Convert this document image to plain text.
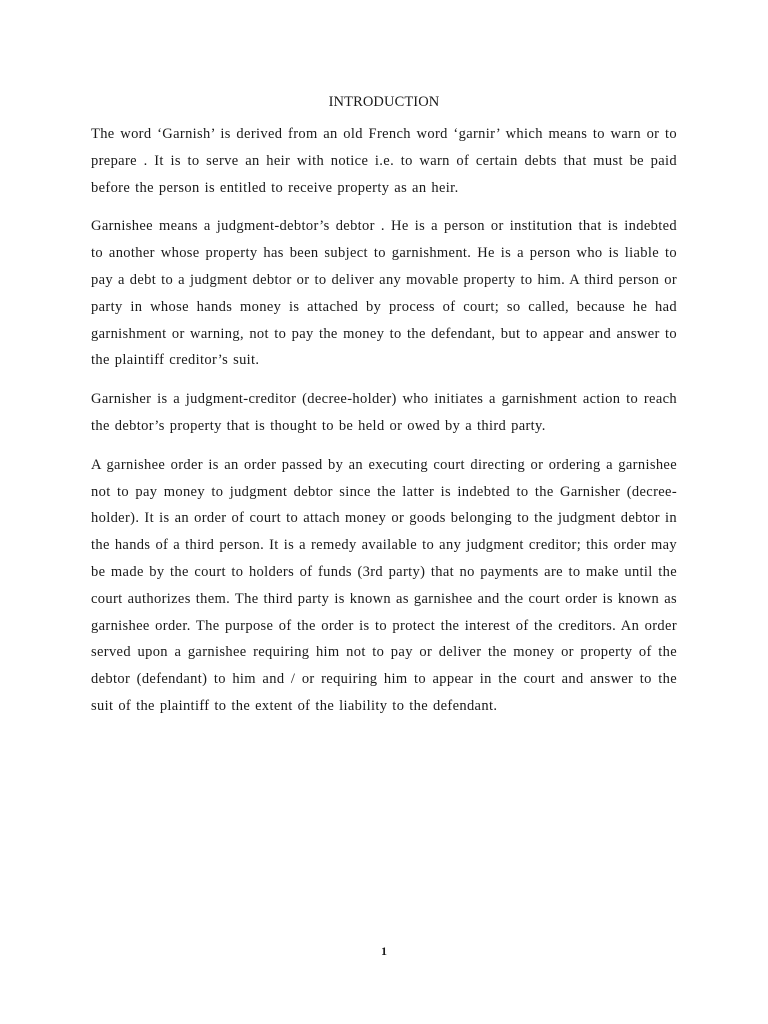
INTRODUCTION

The word ‘Garnish’ is derived from an old French word ‘garnir’ which means to warn or to prepare . It is to serve an heir with notice i.e. to warn of certain debts that must be paid before the person is entitled to receive property as an heir.

Garnishee means a judgment-debtor’s debtor . He is a person or institution that is indebted to another whose property has been subject to garnishment. He is a person who is liable to pay a debt to a judgment debtor or to deliver any movable property to him. A third person or party in whose hands money is attached by process of court; so called, because he had garnishment or warning, not to pay the money to the defendant, but to appear and answer to the plaintiff creditor’s suit.

Garnisher is a judgment-creditor (decree-holder) who initiates a garnishment action to reach the debtor’s property that is thought to be held or owed by a third party.

A garnishee order is an order passed by an executing court directing or ordering a garnishee not to pay money to judgment debtor since the latter is indebted to the Garnisher (decree-holder). It is an order of court to attach money or goods belonging to the judgment debtor in the hands of a third person. It is a remedy available to any judgment creditor; this order may be made by the court to holders of funds (3rd party) that no payments are to make until the court authorizes them. The third party is known as garnishee and the court order is known as garnishee order. The purpose of the order is to protect the interest of the creditors. An order served upon a garnishee requiring him not to pay or deliver the money or property of the debtor (defendant) to him and / or requiring him to appear in the court and answer to the suit of the plaintiff to the extent of the liability to the defendant.

1
